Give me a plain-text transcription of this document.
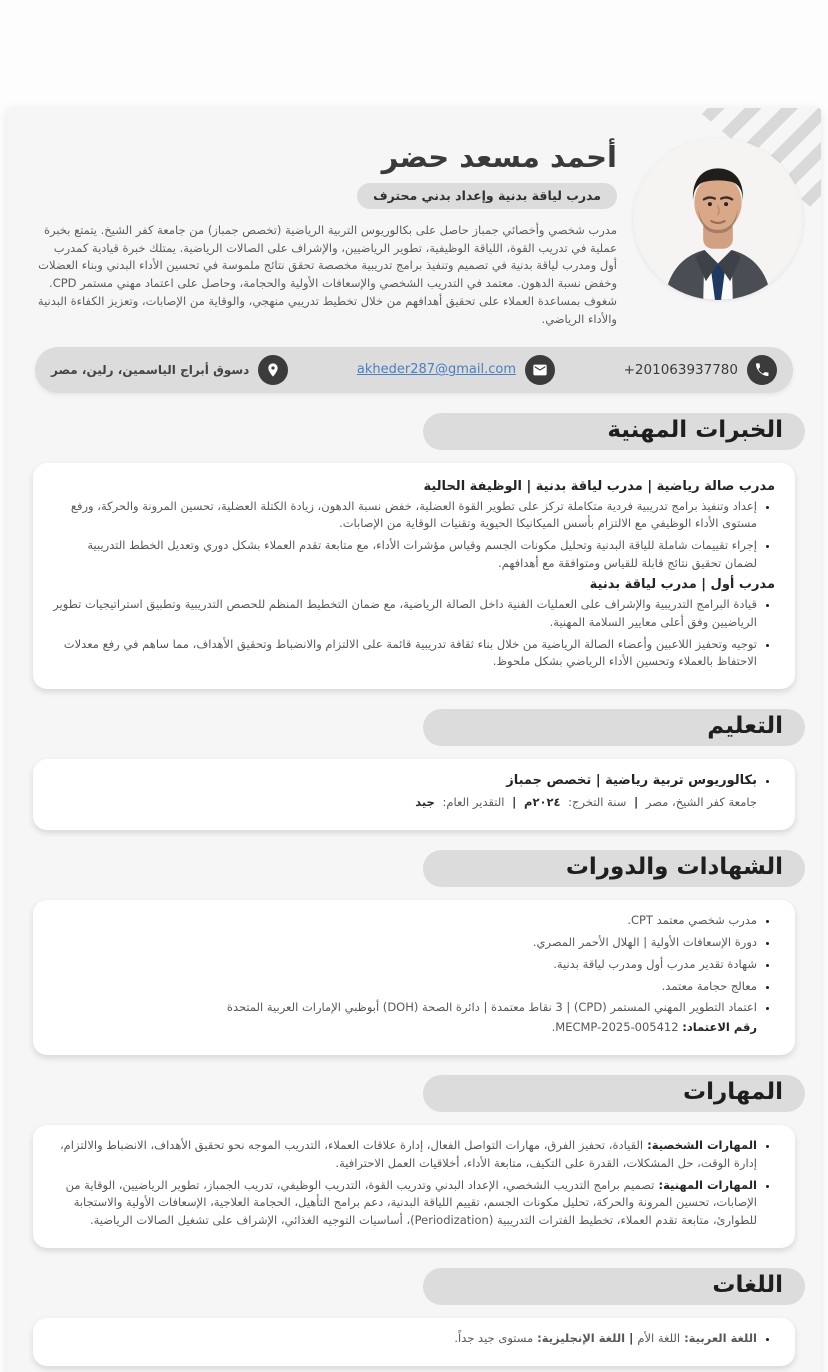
أحمد مسعد حضر
مدرب لياقة بدنية وإعداد بدني محترف

مدرب شخصي وأخصائي جمباز حاصل على بكالوريوس التربية الرياضية (تخصص جمباز) من جامعة كفر الشيخ. يتمتع بخبرة عملية في تدريب القوة، اللياقة الوظيفية، تطوير الرياضيين، والإشراف على الصالات الرياضية. يمتلك خبرة قيادية كمدرب أول ومدرب لياقة بدنية في تصميم وتنفيذ برامج تدريبية مخصصة تحقق نتائج ملموسة في تحسين الأداء البدني وبناء العضلات وخفض نسبة الدهون. معتمد في التدريب الشخصي والإسعافات الأولية والحجامة، وحاصل على اعتماد مهني مستمر CPD. شغوف بمساعدة العملاء على تحقيق أهدافهم من خلال تخطيط تدريبي منهجي، والوقاية من الإصابات، وتعزيز الكفاءة البدنية والأداء الرياضي.

+201063937780
akheder287@gmail.com
دسوق أبراج الياسمين، رلين، مصر
الخبرات المهنية
مدرب صالة رياضية | مدرب لياقة بدنية | الوظيفة الحالية
• إعداد وتنفيذ برامج تدريبية فردية متكاملة تركز على تطوير القوة العضلية، خفض نسبة الدهون، زيادة الكتلة العضلية، تحسين المرونة والحركة، ورفع مستوى الأداء الوظيفي مع الالتزام بأسس الميكانيكا الحيوية وتقنيات الوقاية من الإصابات.
• إجراء تقييمات شاملة للياقة البدنية وتحليل مكونات الجسم وقياس مؤشرات الأداء، مع متابعة تقدم العملاء بشكل دوري وتعديل الخطط التدريبية لضمان تحقيق نتائج قابلة للقياس ومتوافقة مع أهدافهم.
مدرب أول | مدرب لياقة بدنية
• قيادة البرامج التدريبية والإشراف على العمليات الفنية داخل الصالة الرياضية، مع ضمان التخطيط المنظم للحصص التدريبية وتطبيق استراتيجيات تطوير الرياضيين وفق أعلى معايير السلامة المهنية.
• توجيه وتحفيز اللاعبين وأعضاء الصالة الرياضية من خلال بناء ثقافة تدريبية قائمة على الالتزام والانضباط وتحقيق الأهداف، مما ساهم في رفع معدلات الاحتفاظ بالعملاء وتحسين الأداء الرياضي بشكل ملحوظ.
التعليم
• بكالوريوس تربية رياضية | تخصص جمباز
جامعة كفر الشيخ، مصر | سنة التخرج: ٢٠٢٤م | التقدير العام: جيد
الشهادات والدورات
• مدرب شخصي معتمد CPT.
• دورة الإسعافات الأولية | الهلال الأحمر المصري.
• شهادة تقدير مدرب أول ومدرب لياقة بدنية.
• معالج حجامة معتمد.
• اعتماد التطوير المهني المستمر (CPD) | 3 نقاط معتمدة | دائرة الصحة (DOH) أبوظبي الإمارات العربية المتحدة
رقم الاعتماد: MECMP-2025-005412.
المهارات
• المهارات الشخصية:القيادة، تحفيز الفرق، مهارات التواصل الفعال، إدارة علاقات العملاء، التدريب الموجه نحو تحقيق الأهداف، الانضباط والالتزام، إدارة الوقت، حل المشكلات، القدرة على التكيف، متابعة الأداء، أخلاقيات العمل الاحترافية.
• المهارات المهنية:تصميم برامج التدريب الشخصي، الإعداد البدني وتدريب القوة، التدريب الوظيفي، تدريب الجمباز، تطوير الرياضيين، الوقاية من الإصابات، تحسين المرونة والحركة، تحليل مكونات الجسم، تقييم اللياقة البدنية، دعم برامج التأهيل، الحجامة العلاجية، الإسعافات الأولية والاستجابة للطوارئ، متابعة تقدم العملاء، تخطيط الفترات التدريبية (Periodization)، أساسيات التوجيه الغذائي، الإشراف على تشغيل الصالات الرياضية.
اللغات
• اللغة العربية:اللغة الأم|اللغة الإنجليزية:مستوى جيد جداً.
